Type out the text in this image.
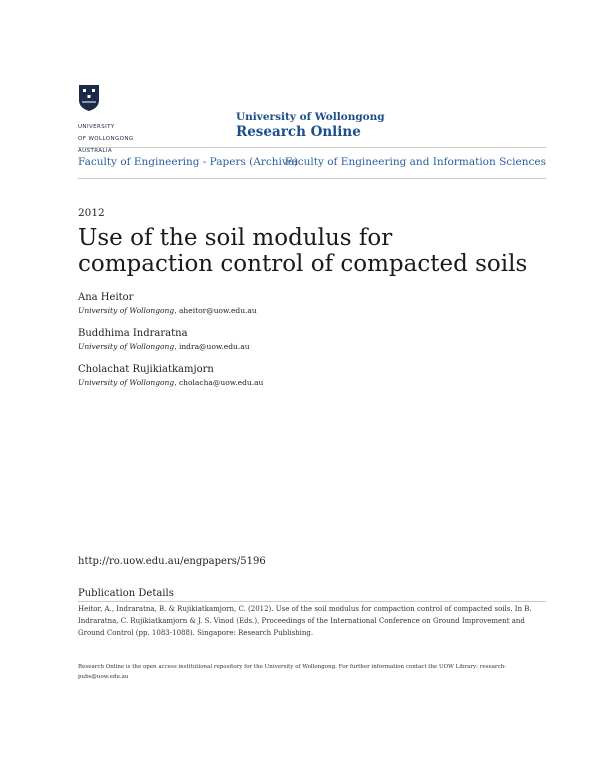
UNIVERSITY

OF WOLLONGONG

AUSTRALIA

University of Wollongong
Research Online
Faculty of Engineering - Papers (Archive)
Faculty of Engineering and Information Sciences
2012
Use of the soil modulus for compaction control of compacted soils
Ana Heitor
University of Wollongong, aheitor@uow.edu.au
Buddhima Indraratna
University of Wollongong, indra@uow.edu.au
Cholachat Rujikiatkamjorn
University of Wollongong, cholacha@uow.edu.au
http://ro.uow.edu.au/engpapers/5196
Publication Details
Heitor, A., Indraratna, B. & Rujikiatkamjorn, C. (2012). Use of the soil modulus for compaction control of compacted soils. In B. Indraratna, C. Rujikiatkamjorn & J. S. Vinod (Eds.), Proceedings of the International Conference on Ground Improvement and Ground Control (pp. 1083-1088). Singapore: Research Publishing.
Research Online is the open access institutional repository for the University of Wollongong. For further information contact the UOW Library: research-pubs@uow.edu.au
